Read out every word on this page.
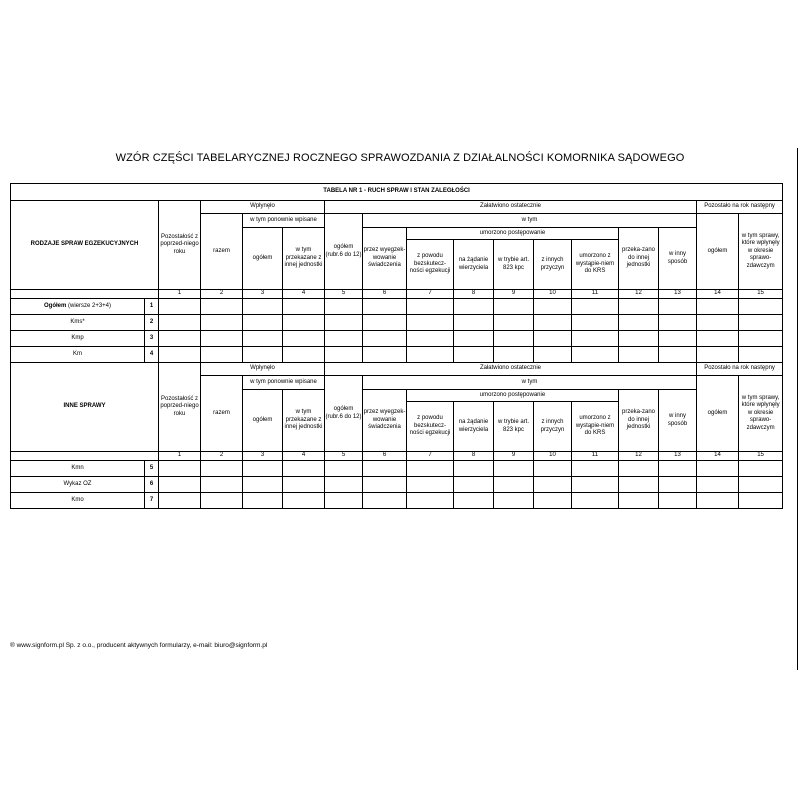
WZÓR CZĘŚCI TABELARYCZNEJ ROCZNEGO SPRAWOZDANIA Z DZIAŁALNOŚCI KOMORNIKA SĄDOWEGO
TABELA NR 1 - RUCH SPRAW I STAN ZALEGŁOŚCI																
RODZAJE SPRAW EGZEKUCYJNYCH		Pozostałość z poprzed-niego roku	Wpłynęło			Załatwiono ostatecznie									Pozostało na rok następny	
			razem	w tym ponownie wpisane		ogółem (rubr.6 do 12)	w tym								ogółem	w tym sprawy, które wpłynęły w okresie sprawo-zdawczym
				ogółem	w tym przekazane z innej jednostki		przez wyegzek-wowanie świadczenia	umorzono postępowanie					przeka-zano do innej jednostki	w inny sposób		
								z powodu bezskutecz-ności egzekucji	na żądanie wierzyciela	w trybie art. 823 kpc	z innych przyczyn	umorzono z wystąpie-niem do KRS				

		1	2	3	4	5	6	7	8	9	10	11	12	13	14	15
Ogółem (wiersze 2+3+4)	1															
Kms*	2															
Kmp	3															
Km	4															
INNE SPRAWY		Pozostałość z poprzed-niego roku	Wpłynęło			Załatwiono ostatecznie									Pozostało na rok następny	
			razem	w tym ponownie wpisane		ogółem (rubr.6 do 12)	w tym								ogółem	w tym sprawy, które wpłynęły w okresie sprawo-zdawczym
				ogółem	w tym przekazane z innej jednostki		przez wyegzek-wowanie świadczenia	umorzono postępowanie					przeka-zano do innej jednostki	w inny sposób		
								z powodu bezskutecz-ności egzekucji	na żądanie wierzyciela	w trybie art. 823 kpc	z innych przyczyn	umorzono z wystąpie-niem do KRS				

		1	2	3	4	5	6	7	8	9	10	11	12	13	14	15
Kmn	5															
Wykaz OZ	6															
Kmo	7															
® www.signform.pl Sp. z o.o., producent aktywnych formularzy, e-mail: biuro@signform.pl
